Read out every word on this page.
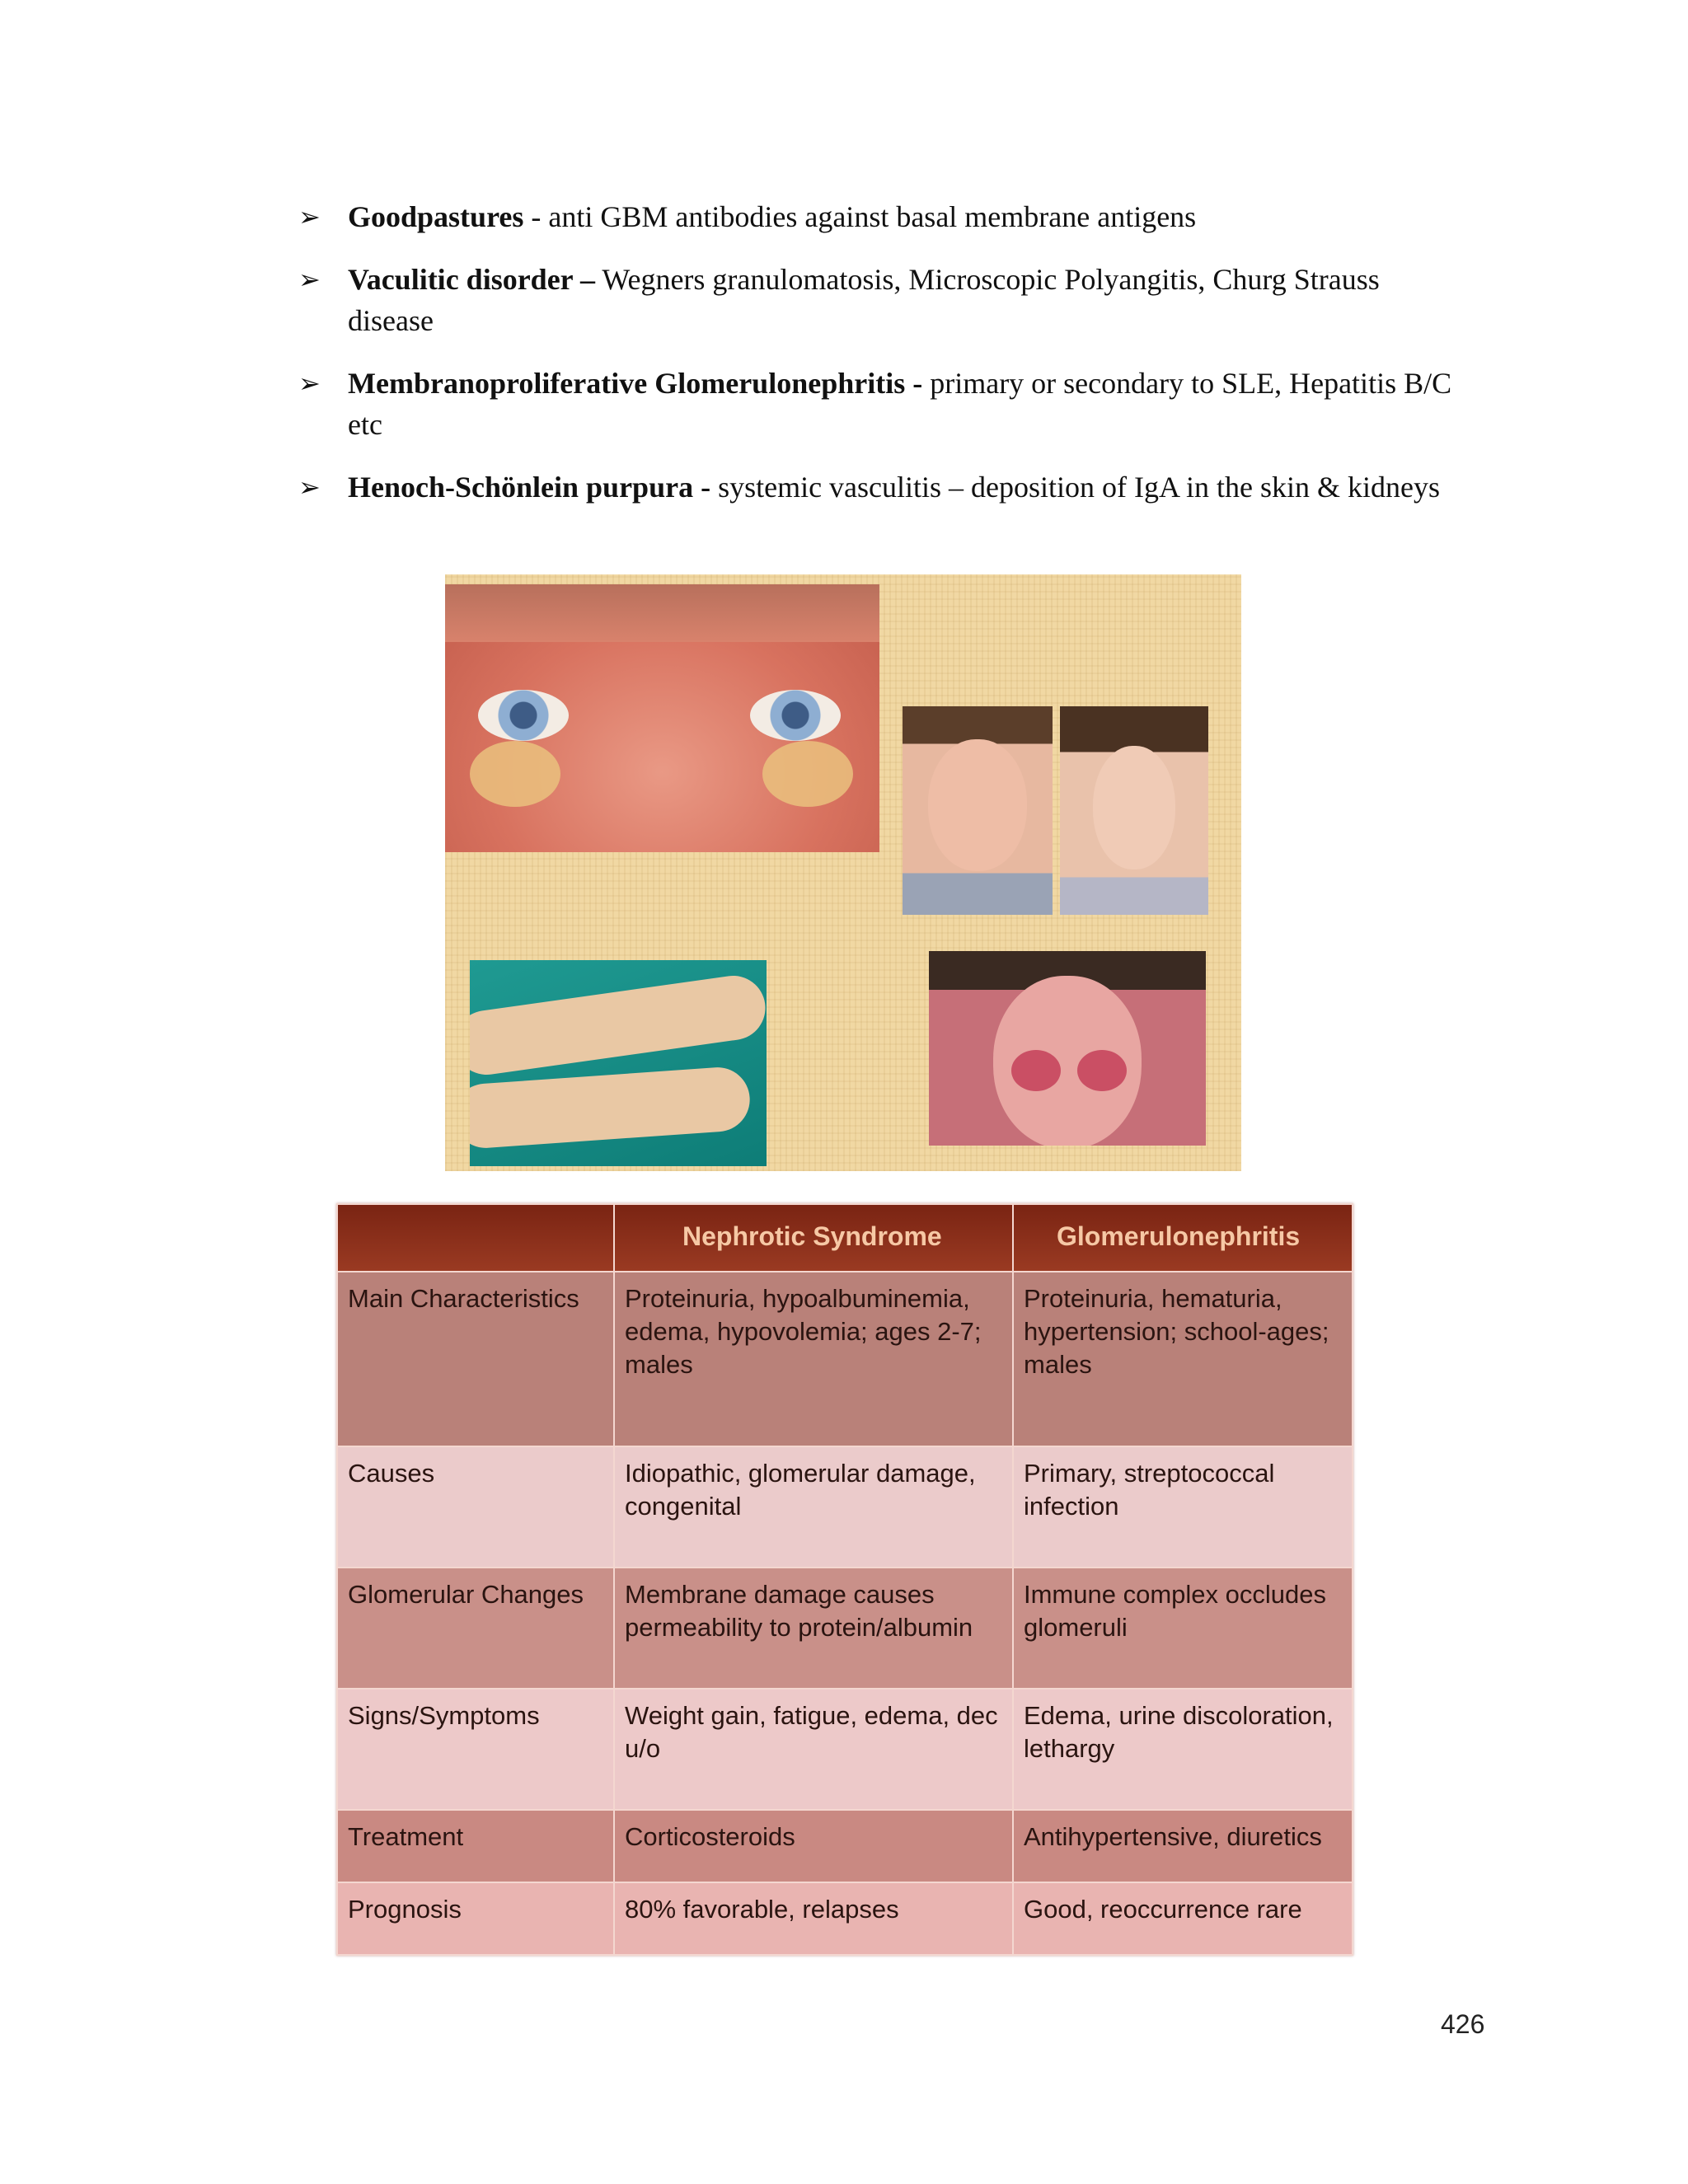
➢ Goodpastures - anti GBM antibodies against basal membrane antigens
➢ Vaculitic disorder – Wegners granulomatosis, Microscopic Polyangitis, Churg Strauss disease
➢ Membranoproliferative Glomerulonephritis - primary or secondary to SLE, Hepatitis B/C etc
➢ Henoch-Schönlein purpura - systemic vasculitis – deposition of IgA in the skin & kidneys
	Nephrotic Syndrome	Glomerulonephritis
Main Characteristics	Proteinuria, hypoalbuminemia, edema, hypovolemia; ages 2-7; males	Proteinuria, hematuria, hypertension; school-ages; males
Causes	Idiopathic, glomerular damage, congenital	Primary, streptococcal infection
Glomerular Changes	Membrane damage causes permeability to protein/albumin	Immune complex occludes glomeruli
Signs/Symptoms	Weight gain, fatigue, edema, dec u/o	Edema, urine discoloration, lethargy
Treatment	Corticosteroids	Antihypertensive, diuretics
Prognosis	80% favorable, relapses	Good, reoccurrence rare
426
